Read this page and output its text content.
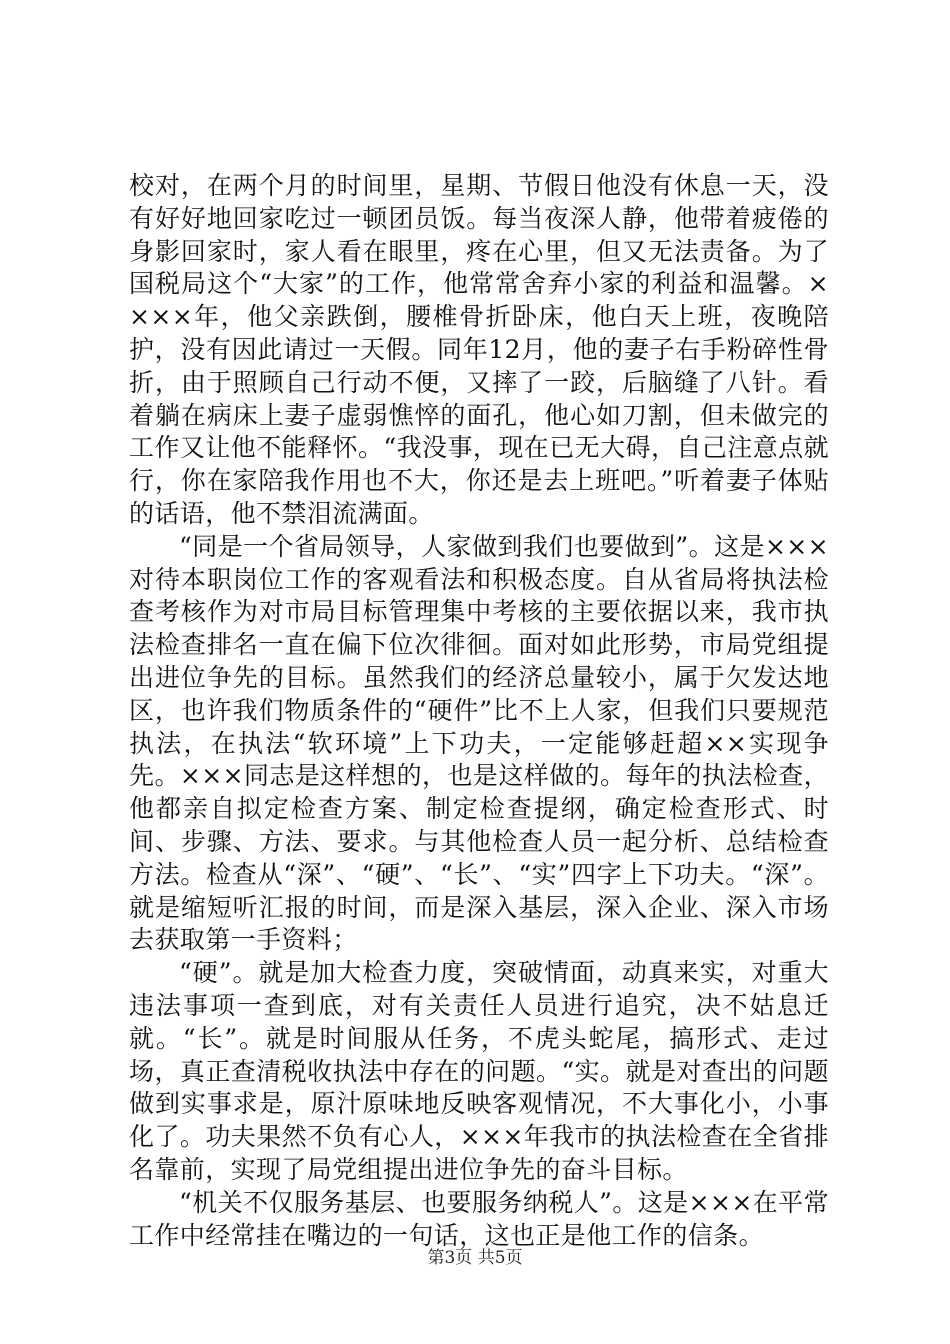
校对，在两个月的时间里，星期、节假日他没有休息一天，没有好好地回家吃过一顿团员饭。每当夜深人静，他带着疲倦的身影回家时，家人看在眼里，疼在心里，但又无法责备。为了国税局这个“大家”的工作，他常常舍弃小家的利益和温馨。××××年，他父亲跌倒，腰椎骨折卧床，他白天上班，夜晚陪护，没有因此请过一天假。同年12月，他的妻子右手粉碎性骨折，由于照顾自己行动不便，又摔了一跤，后脑缝了八针。看着躺在病床上妻子虚弱憔悴的面孔，他心如刀割，但未做完的工作又让他不能释怀。“我没事，现在已无大碍，自己注意点就行，你在家陪我作用也不大，你还是去上班吧。”听着妻子体贴的话语，他不禁泪流满面。

“同是一个省局领导，人家做到我们也要做到”。这是×××对待本职岗位工作的客观看法和积极态度。自从省局将执法检查考核作为对市局目标管理集中考核的主要依据以来，我市执法检查排名一直在偏下位次徘徊。面对如此形势，市局党组提出进位争先的目标。虽然我们的经济总量较小，属于欠发达地区，也许我们物质条件的“硬件”比不上人家，但我们只要规范执法，在执法“软环境”上下功夫，一定能够赶超××实现争先。×××同志是这样想的，也是这样做的。每年的执法检查，他都亲自拟定检查方案、制定检查提纲，确定检查形式、时间、步骤、方法、要求。与其他检查人员一起分析、总结检查方法。检查从“深”、“硬”、“长”、“实”四字上下功夫。“深”。就是缩短听汇报的时间，而是深入基层，深入企业、深入市场去获取第一手资料；

“硬”。就是加大检查力度，突破情面，动真来实，对重大违法事项一查到底，对有关责任人员进行追究，决不姑息迁就。“长”。就是时间服从任务，不虎头蛇尾，搞形式、走过场，真正查清税收执法中存在的问题。“实。就是对查出的问题做到实事求是，原汁原味地反映客观情况，不大事化小，小事化了。功夫果然不负有心人，×××年我市的执法检查在全省排名靠前，实现了局党组提出进位争先的奋斗目标。

“机关不仅服务基层、也要服务纳税人”。这是×××在平常工作中经常挂在嘴边的一句话，这也正是他工作的信条。

第3页 共5页
